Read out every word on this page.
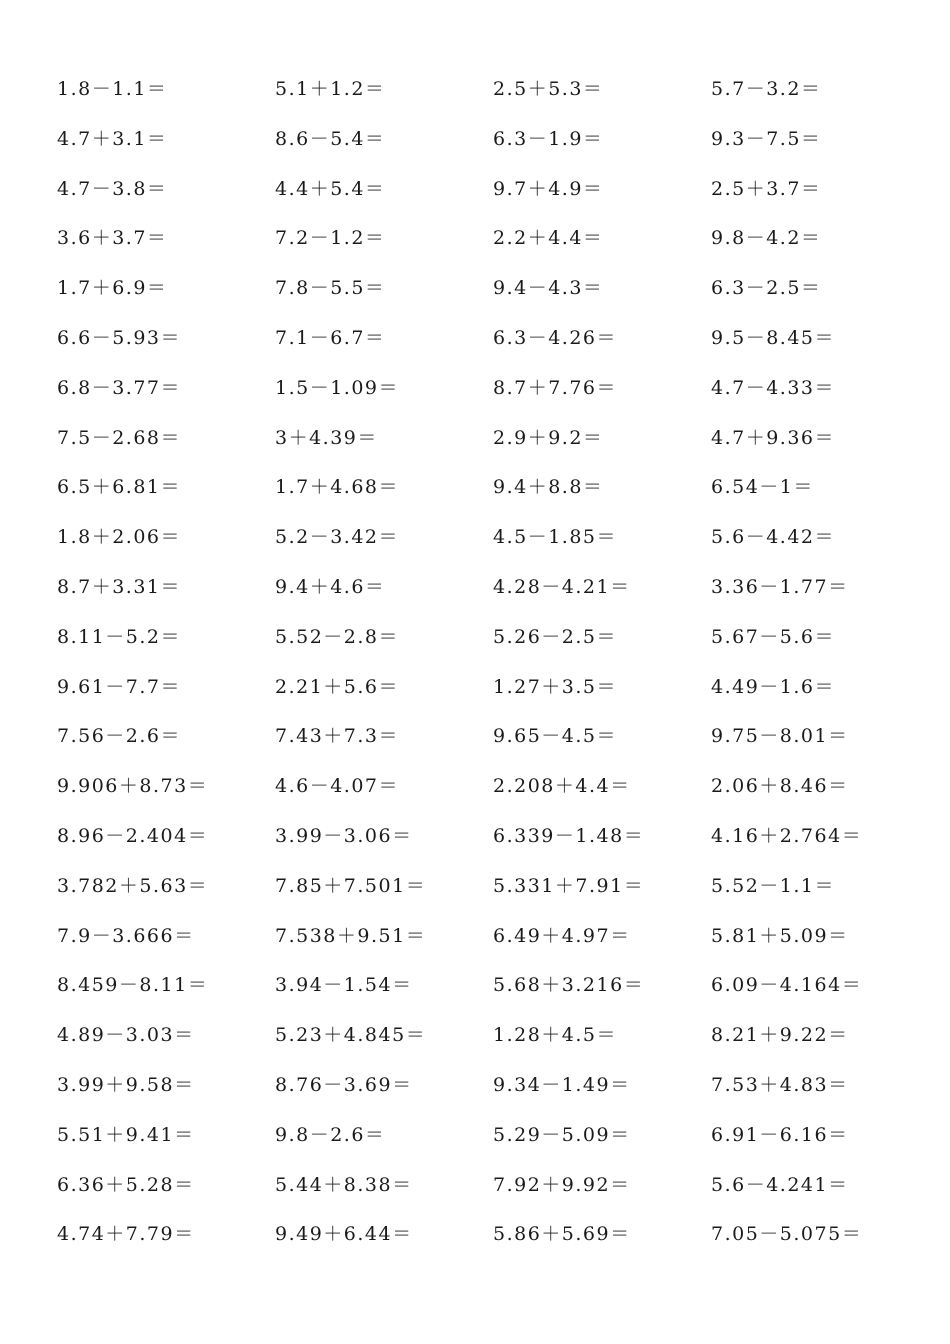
1.8－1.1＝	5.1＋1.2＝	2.5＋5.3＝	5.7－3.2＝
4.7＋3.1＝	8.6－5.4＝	6.3－1.9＝	9.3－7.5＝
4.7－3.8＝	4.4＋5.4＝	9.7＋4.9＝	2.5＋3.7＝
3.6＋3.7＝	7.2－1.2＝	2.2＋4.4＝	9.8－4.2＝
1.7＋6.9＝	7.8－5.5＝	9.4－4.3＝	6.3－2.5＝
6.6－5.93＝	7.1－6.7＝	6.3－4.26＝	9.5－8.45＝
6.8－3.77＝	1.5－1.09＝	8.7＋7.76＝	4.7－4.33＝
7.5－2.68＝	3＋4.39＝	2.9＋9.2＝	4.7＋9.36＝
6.5＋6.81＝	1.7＋4.68＝	9.4＋8.8＝	6.54－1＝
1.8＋2.06＝	5.2－3.42＝	4.5－1.85＝	5.6－4.42＝
8.7＋3.31＝	9.4＋4.6＝	4.28－4.21＝	3.36－1.77＝
8.11－5.2＝	5.52－2.8＝	5.26－2.5＝	5.67－5.6＝
9.61－7.7＝	2.21＋5.6＝	1.27＋3.5＝	4.49－1.6＝
7.56－2.6＝	7.43＋7.3＝	9.65－4.5＝	9.75－8.01＝
9.906＋8.73＝	4.6－4.07＝	2.208＋4.4＝	2.06＋8.46＝
8.96－2.404＝	3.99－3.06＝	6.339－1.48＝	4.16＋2.764＝
3.782＋5.63＝	7.85＋7.501＝	5.331＋7.91＝	5.52－1.1＝
7.9－3.666＝	7.538＋9.51＝	6.49＋4.97＝	5.81＋5.09＝
8.459－8.11＝	3.94－1.54＝	5.68＋3.216＝	6.09－4.164＝
4.89－3.03＝	5.23＋4.845＝	1.28＋4.5＝	8.21＋9.22＝
3.99＋9.58＝	8.76－3.69＝	9.34－1.49＝	7.53＋4.83＝
5.51＋9.41＝	9.8－2.6＝	5.29－5.09＝	6.91－6.16＝
6.36＋5.28＝	5.44＋8.38＝	7.92＋9.92＝	5.6－4.241＝
4.74＋7.79＝	9.49＋6.44＝	5.86＋5.69＝	7.05－5.075＝
